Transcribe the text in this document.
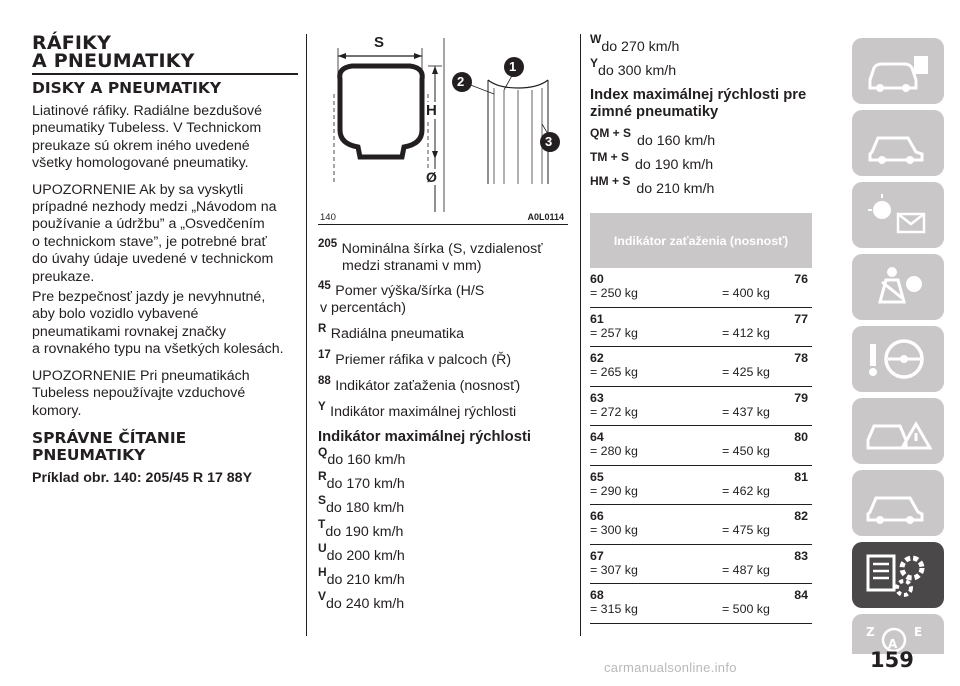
RÁFIKY
A PNEUMATIKY
DISKY A PNEUMATIKY
Liatinové ráfiky. Radiálne bezdušové
pneumatiky Tubeless. V Technickom
preukaze sú okrem iného uvedené
všetky homologované pneumatiky.
UPOZORNENIE Ak by sa vyskytli
prípadné nezhody medzi „Návodom na
používanie a údržbu” a „Osvedčením
o technickom stave”, je potrebné brať
do úvahy údaje uvedené v technickom
preukaze.
Pre bezpečnosť jazdy je nevyhnutné,
aby bolo vozidlo vybavené
pneumatikami rovnakej značky
a rovnakého typu na všetkých kolesách.
UPOZORNENIE Pri pneumatikách
Tubeless nepoužívajte vzduchové
komory.
SPRÁVNE ČÍTANIE
PNEUMATIKY
Príklad obr. 140: 205/45 R 17 88Y
S
H
Ø
1
2
3
140	A0L0114
$^{205}$ Nominálna šírka (S, vzdialenosť
medzi stranami v mm)
$^{45}$ Pomer výška/šírka (H/S
v percentách)
$^R$ Radiálna pneumatika
$^{17}$ Priemer ráfika v palcoch (Ř)
$^{88}$ Indikátor zaťaženia (nosnosť)
$^Y$ Indikátor maximálnej rýchlosti
Indikátor maximálnej rýchlosti
$^Q$do 160 km/h
$^R$do 170 km/h
$^S$do 180 km/h
$^T$do 190 km/h
$^U$do 200 km/h
$^H$do 210 km/h
$^V$do 240 km/h
$^W$do 270 km/h
$^Y$do 300 km/h
Index maximálnej rýchlosti pre
zimné pneumatiky
QM + S do 160 km/h
TM + S do 190 km/h
HM + S do 210 km/h
Indikátor zaťaženia (nosnosť)
60	76
= 250 kg	= 400 kg
61	77
= 257 kg	= 412 kg
62	78
= 265 kg	= 425 kg
63	79
= 272 kg	= 437 kg
64	80
= 280 kg	= 450 kg
65	81
= 290 kg	= 462 kg
66	82
= 300 kg	= 475 kg
67	83
= 307 kg	= 487 kg
68	84
= 315 kg	= 500 kg
Z	E
A
159
carmanualsonline.info
